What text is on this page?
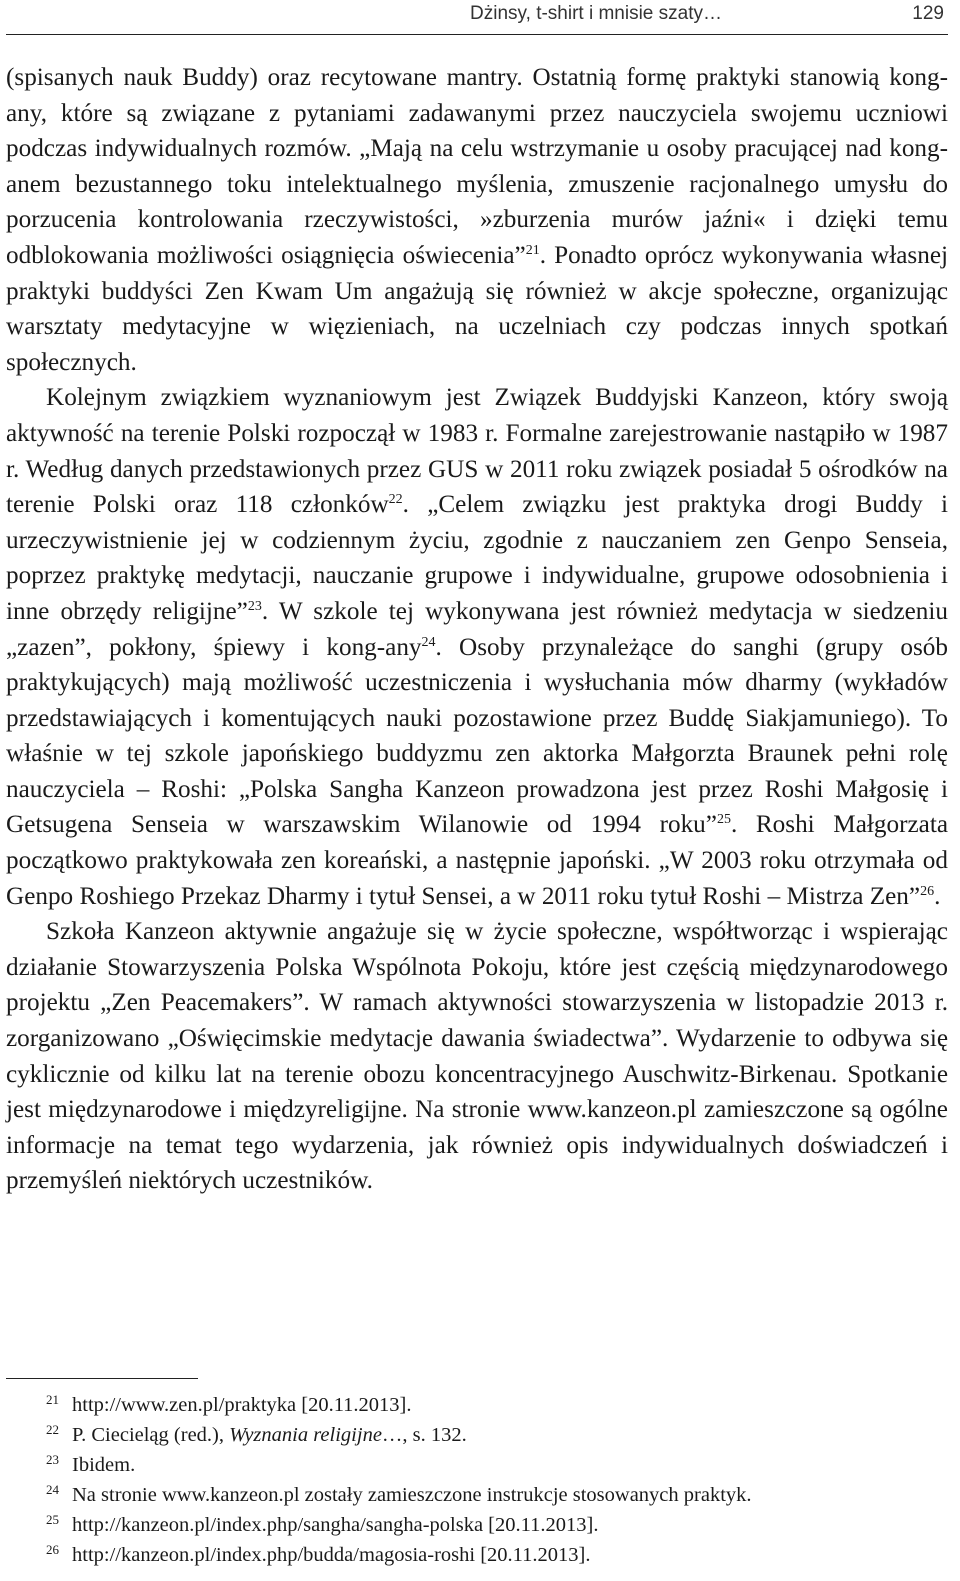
Dżinsy, t-shirt i mnisie szaty…	129

(spisanych nauk Buddy) oraz recytowane mantry. Ostatnią formę praktyki stanowią kong-any, które są związane z pytaniami zadawanymi przez nauczyciela swojemu uczniowi podczas indywidualnych rozmów. „Mają na celu wstrzymanie u osoby pracującej nad kong-anem bezustannego toku intelektualnego myślenia, zmuszenie racjonalnego umysłu do porzucenia kontrolowania rzeczywistości, »zburzenia murów jaźni« i dzięki temu odblokowania możliwości osiągnięcia oświecenia”$^{21}$. Ponadto oprócz wykonywania własnej praktyki buddyści Zen Kwam Um angażują się również w akcje społeczne, organizując warsztaty medytacyjne w więzieniach, na uczelniach czy podczas innych spotkań społecznych.

Kolejnym związkiem wyznaniowym jest Związek Buddyjski Kanzeon, który swoją aktywność na terenie Polski rozpoczął w 1983 r. Formalne zarejestrowanie nastąpiło w 1987 r. Według danych przedstawionych przez GUS w 2011 roku związek posiadał 5 ośrodków na terenie Polski oraz 118 członków$^{22}$. „Celem związku jest praktyka drogi Buddy i urzeczywistnienie jej w codziennym życiu, zgodnie z nauczaniem zen Genpo Senseia, poprzez praktykę medytacji, nauczanie grupowe i indywidualne, grupowe odosobnienia i inne obrzędy religijne”$^{23}$. W szkole tej wykonywana jest również medytacja w siedzeniu „zazen”, pokłony, śpiewy i kong-any$^{24}$. Osoby przynależące do sanghi (grupy osób praktykujących) mają możliwość uczestniczenia i wysłuchania mów dharmy (wykładów przedstawiających i komentujących nauki pozostawione przez Buddę Siakjamuniego). To właśnie w tej szkole japońskiego buddyzmu zen aktorka Małgorzta Braunek pełni rolę nauczyciela – Roshi: „Polska Sangha Kanzeon prowadzona jest przez Roshi Małgosię i Getsugena Senseia w warszawskim Wilanowie od 1994 roku”$^{25}$. Roshi Małgorzata początkowo praktykowała zen koreański, a następnie japoński. „W 2003 roku otrzymała od Genpo Roshiego Przekaz Dharmy i tytuł Sensei, a w 2011 roku tytuł Roshi – Mistrza Zen”$^{26}$.

Szkoła Kanzeon aktywnie angażuje się w życie społeczne, współtworząc i wspierając działanie Stowarzyszenia Polska Wspólnota Pokoju, które jest częścią międzynarodowego projektu „Zen Peacemakers”. W ramach aktywności stowarzyszenia w listopadzie 2013 r. zorganizowano „Oświęcimskie medytacje dawania świadectwa”. Wydarzenie to odbywa się cyklicznie od kilku lat na terenie obozu koncentracyjnego Auschwitz-Birkenau. Spotkanie jest międzynarodowe i międzyreligijne. Na stronie www.kanzeon.pl zamieszczone są ogólne informacje na temat tego wydarzenia, jak również opis indywidualnych doświadczeń i przemyśleń niektórych uczestników.

21 http://www.zen.pl/praktyka [20.11.2013].
22 P. Ciecieląg (red.), Wyznania religijne…, s. 132.
23 Ibidem.
24 Na stronie www.kanzeon.pl zostały zamieszczone instrukcje stosowanych praktyk.
25 http://kanzeon.pl/index.php/sangha/sangha-polska [20.11.2013].
26 http://kanzeon.pl/index.php/budda/magosia-roshi [20.11.2013].
